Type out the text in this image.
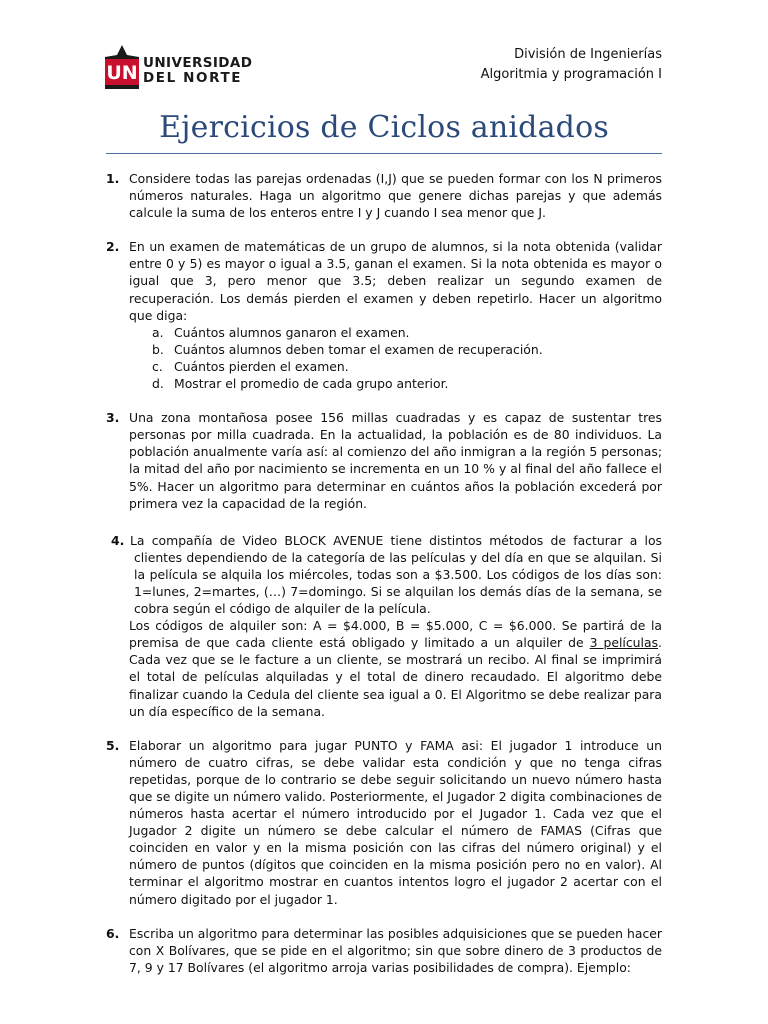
UN UNIVERSIDAD
DEL NORTE
División de Ingenierías
Algoritmia y programación I
Ejercicios de Ciclos anidados
1. Considere todas las parejas ordenadas (I,J) que se pueden formar con los N primeros números naturales. Haga un algoritmo que genere dichas parejas y que además calcule la suma de los enteros entre I y J cuando I sea menor que J.

2. En un examen de matemáticas de un grupo de alumnos, si la nota obtenida (validar entre 0 y 5) es mayor o igual a 3.5, ganan el examen. Si la nota obtenida es mayor o igual que 3, pero menor que 3.5; deben realizar un segundo examen de recuperación. Los demás pierden el examen y deben repetirlo. Hacer un algoritmo que diga:

a. Cuántos alumnos ganaron el examen.
b. Cuántos alumnos deben tomar el examen de recuperación.
c. Cuántos pierden el examen.
d. Mostrar el promedio de cada grupo anterior.
3. Una zona montañosa posee 156 millas cuadradas y es capaz de sustentar tres personas por milla cuadrada. En la actualidad, la población es de 80 individuos. La población anualmente varía así: al comienzo del año inmigran a la región 5 personas; la mitad del año por nacimiento se incrementa en un 10 % y al final del año fallece el 5%. Hacer un algoritmo para determinar en cuántos años la población excederá por primera vez la capacidad de la región.

4. La compañía de Video BLOCK AVENUE tiene distintos métodos de facturar a los clientes dependiendo de la categoría de las películas y del día en que se alquilan. Si la película se alquila los miércoles, todas son a $3.500. Los códigos de los días son: 1=lunes, 2=martes, (…) 7=domingo. Si se alquilan los demás días de la semana, se cobra según el código de alquiler de la película.

Los códigos de alquiler son: A = $4.000, B = $5.000, C = $6.000. Se partirá de la premisa de que cada cliente está obligado y limitado a un alquiler de 3 películas. Cada vez que se le facture a un cliente, se mostrará un recibo. Al final se imprimirá el total de películas alquiladas y el total de dinero recaudado. El algoritmo debe finalizar cuando la Cedula del cliente sea igual a 0. El Algoritmo se debe realizar para un día específico de la semana.

5. Elaborar un algoritmo para jugar PUNTO y FAMA asi: El jugador 1 introduce un número de cuatro cifras, se debe validar esta condición y que no tenga cifras repetidas, porque de lo contrario se debe seguir solicitando un nuevo número hasta que se digite un número valido. Posteriormente, el Jugador 2 digita combinaciones de números hasta acertar el número introducido por el Jugador 1. Cada vez que el Jugador 2 digite un número se debe calcular el número de FAMAS (Cifras que coinciden en valor y en la misma posición con las cifras del número original) y el número de puntos (dígitos que coinciden en la misma posición pero no en valor). Al terminar el algoritmo mostrar en cuantos intentos logro el jugador 2 acertar con el número digitado por el jugador 1.

6. Escriba un algoritmo para determinar las posibles adquisiciones que se pueden hacer con X Bolívares, que se pide en el algoritmo; sin que sobre dinero de 3 productos de 7, 9 y 17 Bolívares (el algoritmo arroja varias posibilidades de compra). Ejemplo:
